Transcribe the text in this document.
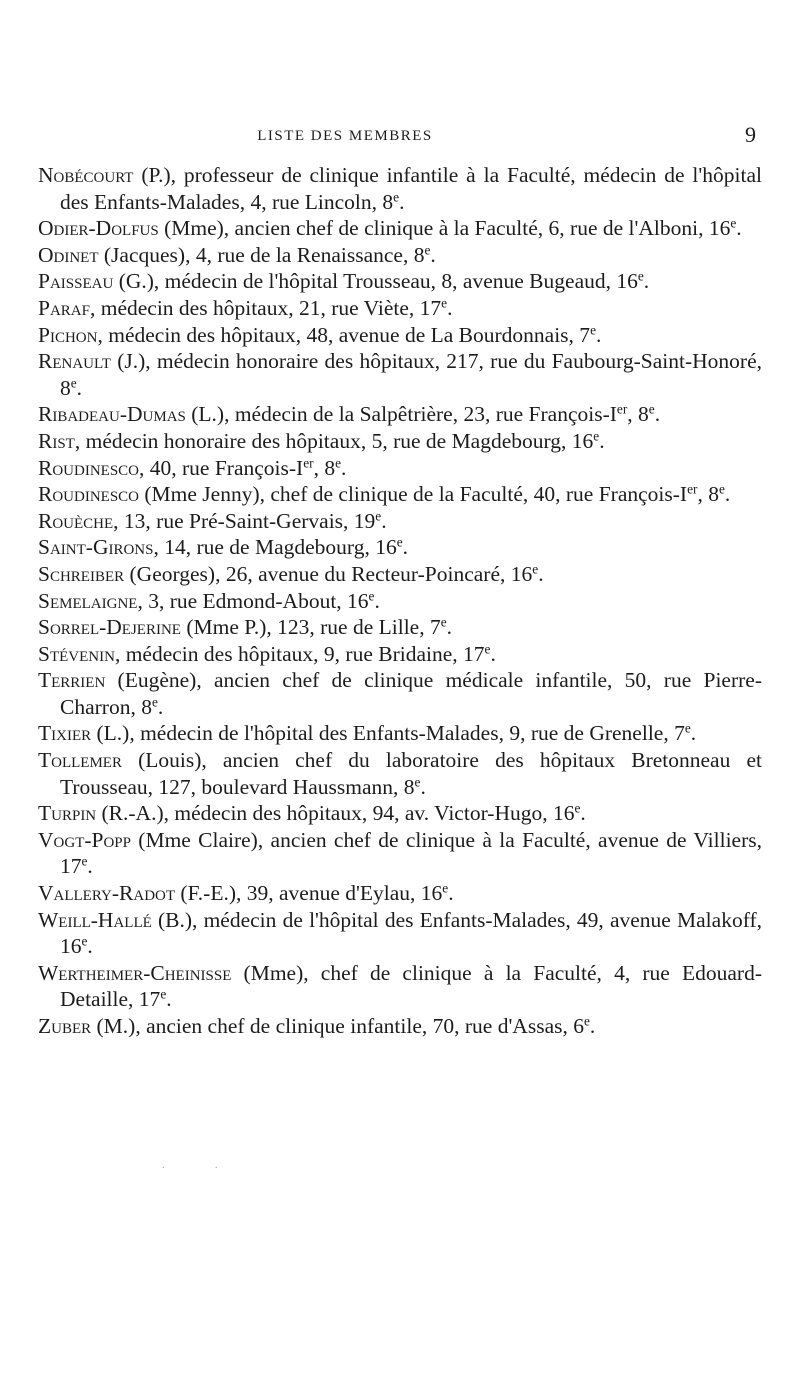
LISTE DES MEMBRES	9
Nobécourt (P.), professeur de clinique infantile à la Faculté, médecin de l'hôpital des Enfants-Malades, 4, rue Lincoln, 8e.
Odier-Dolfus (Mme), ancien chef de clinique à la Faculté, 6, rue de l'Alboni, 16e.
Odinet (Jacques), 4, rue de la Renaissance, 8e.
Paisseau (G.), médecin de l'hôpital Trousseau, 8, avenue Bugeaud, 16e.
Paraf, médecin des hôpitaux, 21, rue Viète, 17e.
Pichon, médecin des hôpitaux, 48, avenue de La Bourdonnais, 7e.
Renault (J.), médecin honoraire des hôpitaux, 217, rue du Faubourg-Saint-Honoré, 8e.
Ribadeau-Dumas (L.), médecin de la Salpêtrière, 23, rue François-Ier, 8e.
Rist, médecin honoraire des hôpitaux, 5, rue de Magdebourg, 16e.
Roudinesco, 40, rue François-Ier, 8e.
Roudinesco (Mme Jenny), chef de clinique de la Faculté, 40, rue François-Ier, 8e.
Rouèche, 13, rue Pré-Saint-Gervais, 19e.
Saint-Girons, 14, rue de Magdebourg, 16e.
Schreiber (Georges), 26, avenue du Recteur-Poincaré, 16e.
Semelaigne, 3, rue Edmond-About, 16e.
Sorrel-Dejerine (Mme P.), 123, rue de Lille, 7e.
Stévenin, médecin des hôpitaux, 9, rue Bridaine, 17e.
Terrien (Eugène), ancien chef de clinique médicale infantile, 50, rue Pierre-Charron, 8e.
Tixier (L.), médecin de l'hôpital des Enfants-Malades, 9, rue de Grenelle, 7e.
Tollemer (Louis), ancien chef du laboratoire des hôpitaux Bretonneau et Trousseau, 127, boulevard Haussmann, 8e.
Turpin (R.-A.), médecin des hôpitaux, 94, av. Victor-Hugo, 16e.
Vogt-Popp (Mme Claire), ancien chef de clinique à la Faculté, avenue de Villiers, 17e.
Vallery-Radot (F.-E.), 39, avenue d'Eylau, 16e.
Weill-Hallé (B.), médecin de l'hôpital des Enfants-Malades, 49, avenue Malakoff, 16e.
Wertheimer-Cheinisse (Mme), chef de clinique à la Faculté, 4, rue Edouard-Detaille, 17e.
Zuber (M.), ancien chef de clinique infantile, 70, rue d'Assas, 6e.
. .
